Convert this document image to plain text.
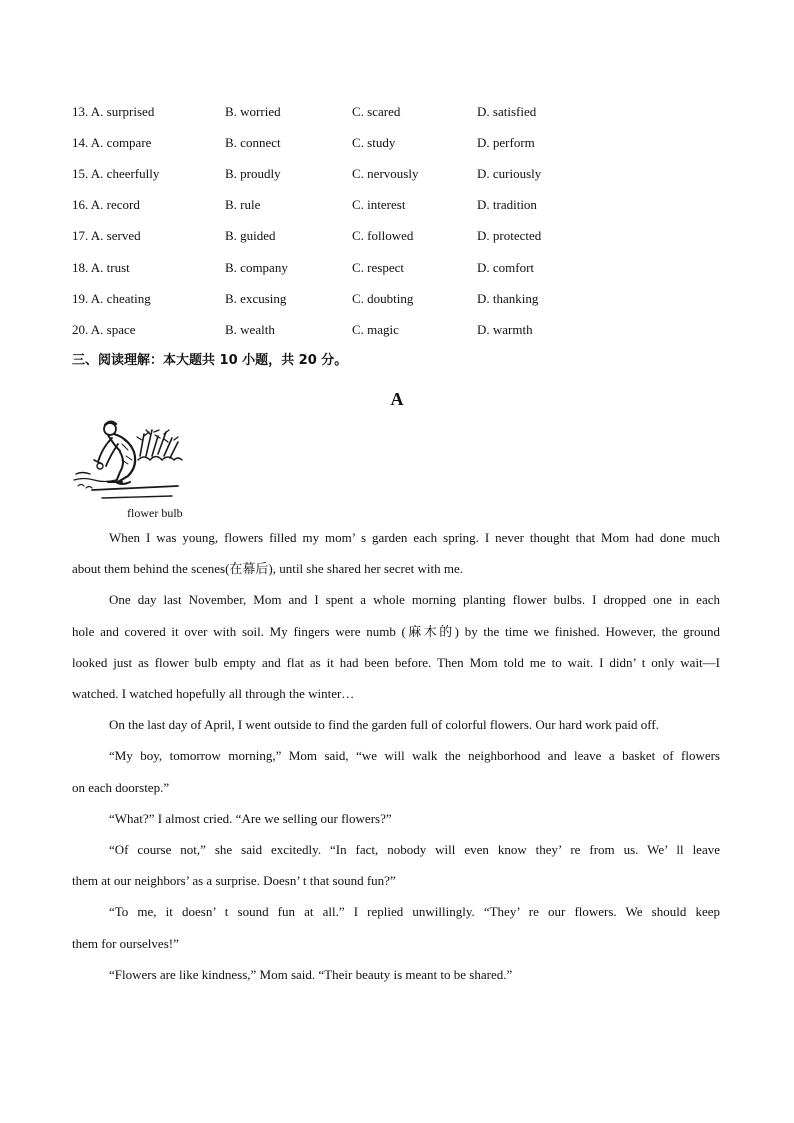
13. A. surprised	B. worried	C. scared	D. satisfied
14. A. compare	B. connect	C. study	D. perform
15. A. cheerfully	B. proudly	C. nervously	D. curiously
16. A. record	B. rule	C. interest	D. tradition
17. A. served	B. guided	C. followed	D. protected
18. A. trust	B. company	C. respect	D. comfort
19. A. cheating	B. excusing	C. doubting	D. thanking
20. A. space	B. wealth	C. magic	D. warmth
三、阅读理解：本大题共 10 小题，共 20 分。
A
flower bulb
When I was young, flowers filled my mom’ s garden each spring. I never thought that Mom had done much
about them behind the scenes(在幕后), until she shared her secret with me.
One day last November, Mom and I spent a whole morning planting flower bulbs. I dropped one in each
hole and covered it over with soil. My fingers were numb (麻木的) by the time we finished. However, the ground
looked just as flower bulb empty and flat as it had been before. Then Mom told me to wait. I didn’ t only wait—I
watched. I watched hopefully all through the winter…
On the last day of April, I went outside to find the garden full of colorful flowers. Our hard work paid off.
“My boy, tomorrow morning,” Mom said, “we will walk the neighborhood and leave a basket of flowers
on each doorstep.”
“What?” I almost cried. “Are we selling our flowers?”
“Of course not,” she said excitedly. “In fact, nobody will even know they’ re from us. We’ ll leave
them at our neighbors’ as a surprise. Doesn’ t that sound fun?”
“To me, it doesn’ t sound fun at all.” I replied unwillingly. “They’ re our flowers. We should keep
them for ourselves!”
“Flowers are like kindness,” Mom said. “Their beauty is meant to be shared.”
